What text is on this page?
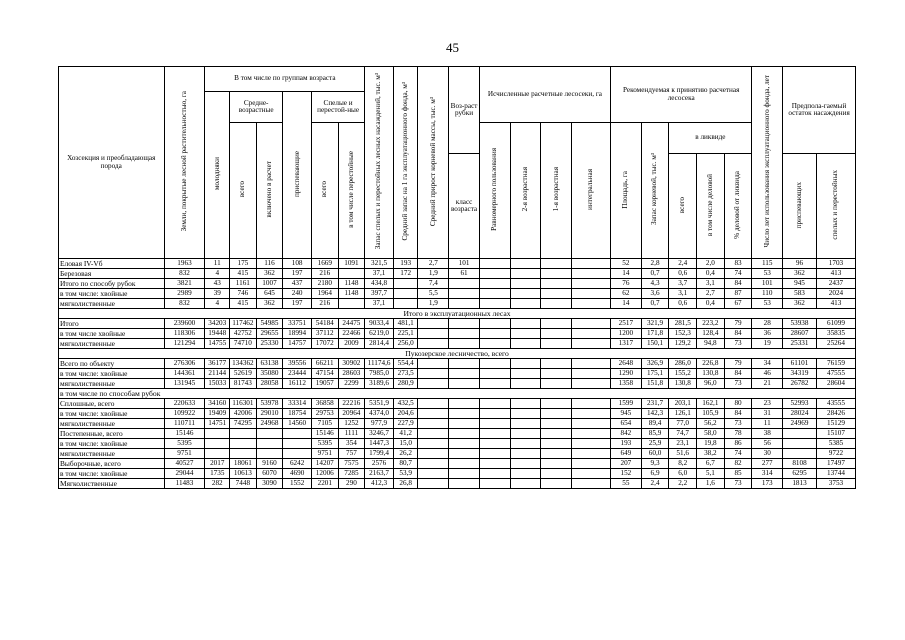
45
Хозсекция и преобладающая порода	Земли, покрытые лесной растительностью, га	В том числе по группам возраста						Запас спелых и перестойных лесных насаждений, тыс. м³	Средний запас на 1 га эксплуатационного фонда, м³	Средний прирост корневой массы, тыс. м³	Воз-раст рубки	Исчисленные расчетные лесосеки, га				Рекомендуемая к принятию расчетная лесосека					Число лет использования эксплуатационного фонда, лет	Предпола-гаемый остаток насаждения	
		молодняки	Средне-возрастные		приспевающие	Спелые и перестой-ные																	
			всего	включено в расчет		всего	в том числе перестойные					Равномерного пользования	2-я возрастная	1-я возрастная	интегральная	Площадь, га	Запас корневой, тыс. м³	в ликвиде					
											класс возраста							всего	в том числе деловой	% деловой от ликвида		приспевающих	спелых и перестойных
Еловая IV-Vб	1963	11	175	116	108	1669	1091	321,5	193	2,7	101					52	2,8	2,4	2,0	83	115	96	1703
Березовая	832	4	415	362	197	216		37,1	172	1,9	61					14	0,7	0,6	0,4	74	53	362	413
Итого по способу рубок	3821	43	1161	1007	437	2180	1148	434,8		7,4						76	4,3	3,7	3,1	84	101	945	2437
в том числе: хвойные	2989	39	746	645	240	1964	1148	397,7		5,5						62	3,6	3,1	2,7	87	110	583	2024
мягколиственные	832	4	415	362	197	216		37,1		1,9						14	0,7	0,6	0,4	67	53	362	413
Итого в эксплуатационных лесах																							
Итого	239600	34203	117462	54985	33751	54184	24475	9033,4	481,1							2517	321,9	281,5	223,2	79	28	53938	61099
в том числе хвойные	118306	19448	42752	29655	18994	37112	22466	6219,0	225,1							1200	171,8	152,3	128,4	84	36	28607	35835
мягколиственные	121294	14755	74710	25330	14757	17072	2009	2814,4	256,0							1317	150,1	129,2	94,8	73	19	25331	25264
Пукозерское лесничество, всего																							
Всего по объекту	276306	36177	134362	63138	39556	66211	30902	11174,6	554,4							2648	326,9	286,0	226,8	79	34	61101	76159
в том числе: хвойные	144361	21144	52619	35080	23444	47154	28603	7985,0	273,5							1290	175,1	155,2	130,8	84	46	34319	47555
мягколиственные	131945	15033	81743	28058	16112	19057	2299	3189,6	280,9							1358	151,8	130,8	96,0	73	21	26782	28604
в том числе по способам рубок																							
Сплошные, всего	220633	34160	116301	53978	33314	36858	22216	5351,9	432,5							1599	231,7	203,1	162,1	80	23	52993	43555
в том числе: хвойные	109922	19409	42006	29010	18754	29753	20964	4374,0	204,6							945	142,3	126,1	105,9	84	31	28024	28426
мягколиственные	110711	14751	74295	24968	14560	7105	1252	977,9	227,9							654	89,4	77,0	56,2	73	11	24969	15129
Постепенные, всего	15146					15146	1111	3246,7	41,2							842	85,9	74,7	58,0	78	38		15107
в том числе: хвойные	5395					5395	354	1447,3	15,0							193	25,9	23,1	19,8	86	56		5385
мягколиственные	9751					9751	757	1799,4	26,2							649	60,0	51,6	38,2	74	30		9722
Выборочные, всего	40527	2017	18061	9160	6242	14207	7575	2576	80,7							207	9,3	8,2	6,7	82	277	8108	17497
в том числе: хвойные	29044	1735	10613	6070	4690	12006	7285	2163,7	53,9							152	6,9	6,0	5,1	85	314	6295	13744
Мягколиственные	11483	282	7448	3090	1552	2201	290	412,3	26,8							55	2,4	2,2	1,6	73	173	1813	3753
